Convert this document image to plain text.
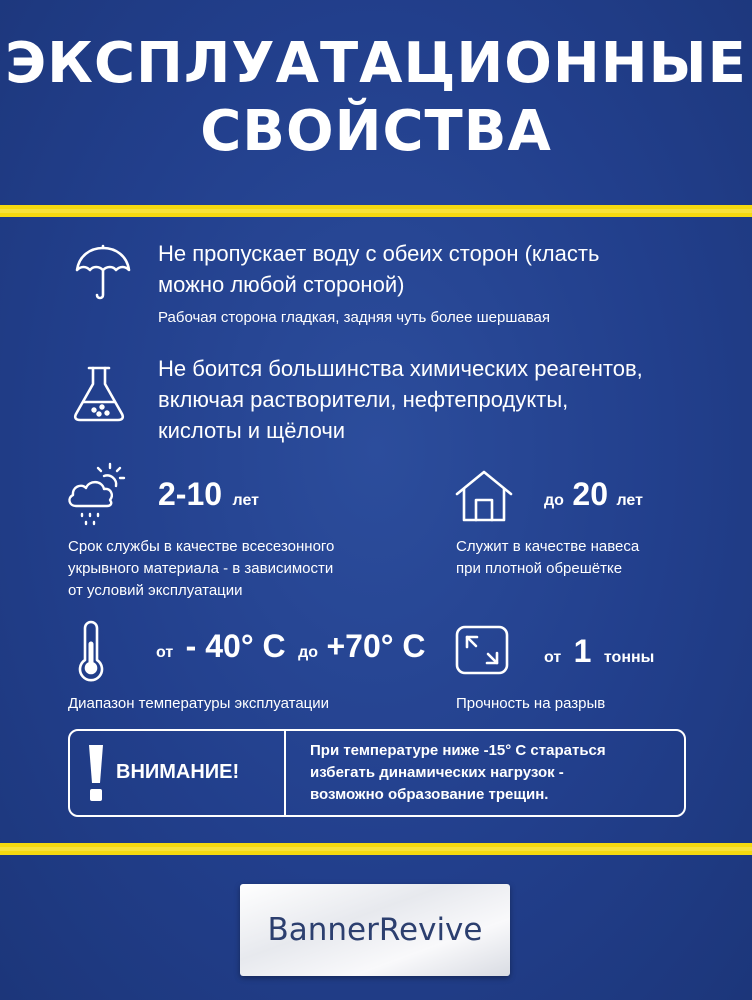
ЭКСПЛУАТАЦИОННЫЕ
СВОЙСТВА
Не пропускает воду с обеих сторон (класть
можно любой стороной)
Рабочая сторона гладкая, задняя чуть более шершавая
Не боится большинства химических реагентов,
включая растворители, нефтепродукты,
кислоты и щёлочи
2-10 лет
Срок службы в качестве всесезонного
укрывного материала - в зависимости
от условий эксплуатации
до 20 лет
Служит в качестве навеса
при плотной обрешётке
от - 40° С до +70° С
Диапазон температуры эксплуатации
от 1 тонны
Прочность на разрыв
ВНИМАНИЕ!
При температуре ниже -15° С стараться
избегать динамических нагрузок -
возможно образование трещин.
BannerRevive
